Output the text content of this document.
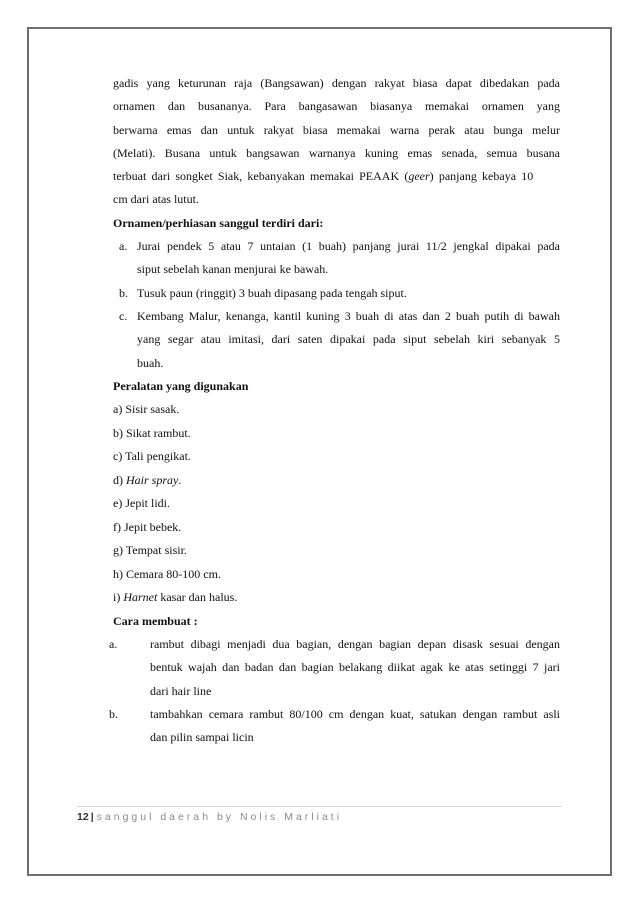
gadis yang keturunan raja (Bangsawan) dengan rakyat biasa dapat dibedakan pada

ornamen dan busananya. Para bangasawan biasanya memakai ornamen yang

berwarna emas dan untuk rakyat biasa memakai warna perak atau bunga melur

(Melati). Busana untuk bangsawan warnanya kuning emas senada, semua busana

terbuat dari songket Siak, kebanyakan memakai PEAAK ( geer ) panjang kebaya 10

cm dari atas lutut.

Ornamen/perhiasan sanggul terdiri dari:

a. Jurai pendek 5 atau 7 untaian (1 buah) panjang jurai 11/2 jengkal dipakai pada

siput sebelah kanan menjurai ke bawah.

b. Tusuk paun (ringgit) 3 buah dipasang pada tengah siput.

c. Kembang Malur, kenanga, kantil kuning 3 buah di atas dan 2 buah putih di bawah

yang segar atau imitasi, dari saten dipakai pada siput sebelah kiri sebanyak 5

buah.

Peralatan yang digunakan

a) Sisir sasak.
b) Sikat rambut.
c) Tali pengikat.
d) Hair spray.
e) Jepit lidi.
f) Jepit bebek.
g) Tempat sisir.
h) Cemara 80-100 cm.
i) Harnet kasar dan halus.

Cara membuat :

a.	rambut dibagi menjadi dua bagian, dengan bagian depan disask sesuai dengan

bentuk wajah dan badan dan bagian belakang diikat agak ke atas setinggi 7 jari

dari hair line

b.	tambahkan cemara rambut 80/100 cm dengan kuat, satukan dengan rambut asli

dan pilin sampai licin

12 | sanggul daerah by Nolis Marliati
